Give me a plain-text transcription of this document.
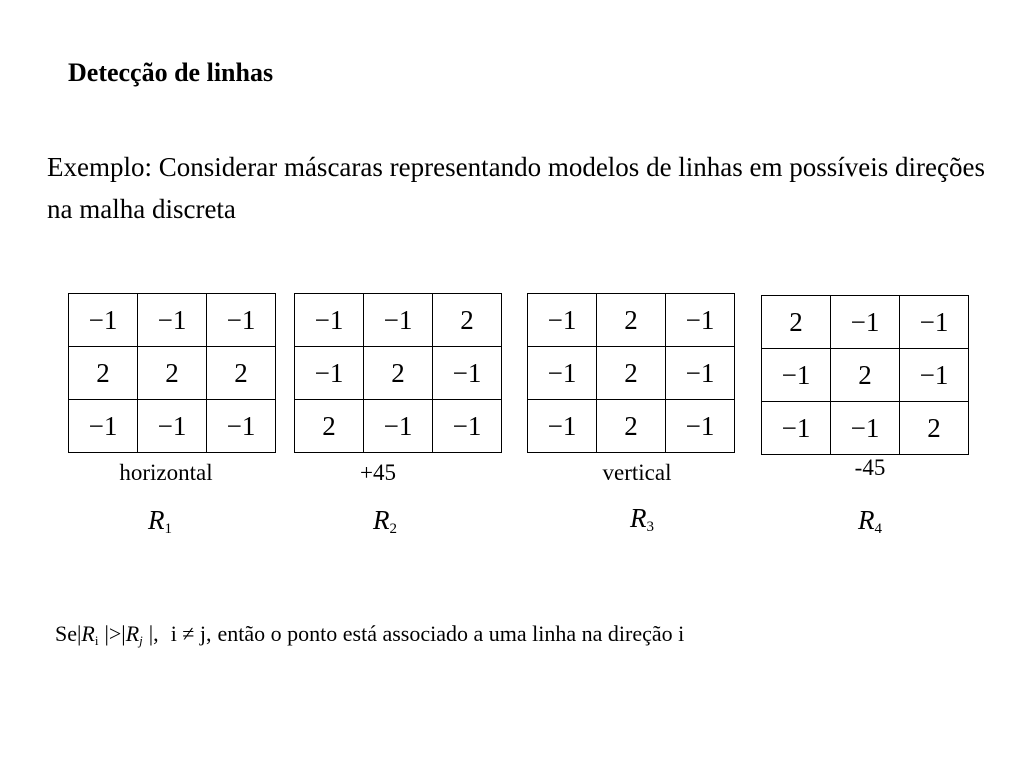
Detecção de linhas
Exemplo: Considerar máscaras representando modelos de linhas em possíveis direções na malha discreta
−1	−1	−1
2	2	2
−1	−1	−1
horizontal
$R_1$
−1	−1	2
−1	2	−1
2	−1	−1
+45
$R_2$
−1	2	−1
−1	2	−1
−1	2	−1
vertical
$R_3$
2	−1	−1
−1	2	−1
−1	−1	2
-45
$R_4$
$Se|R_i$ $|>|R_j$ |, i ≠ j, então o ponto está associado a uma linha na direção i
